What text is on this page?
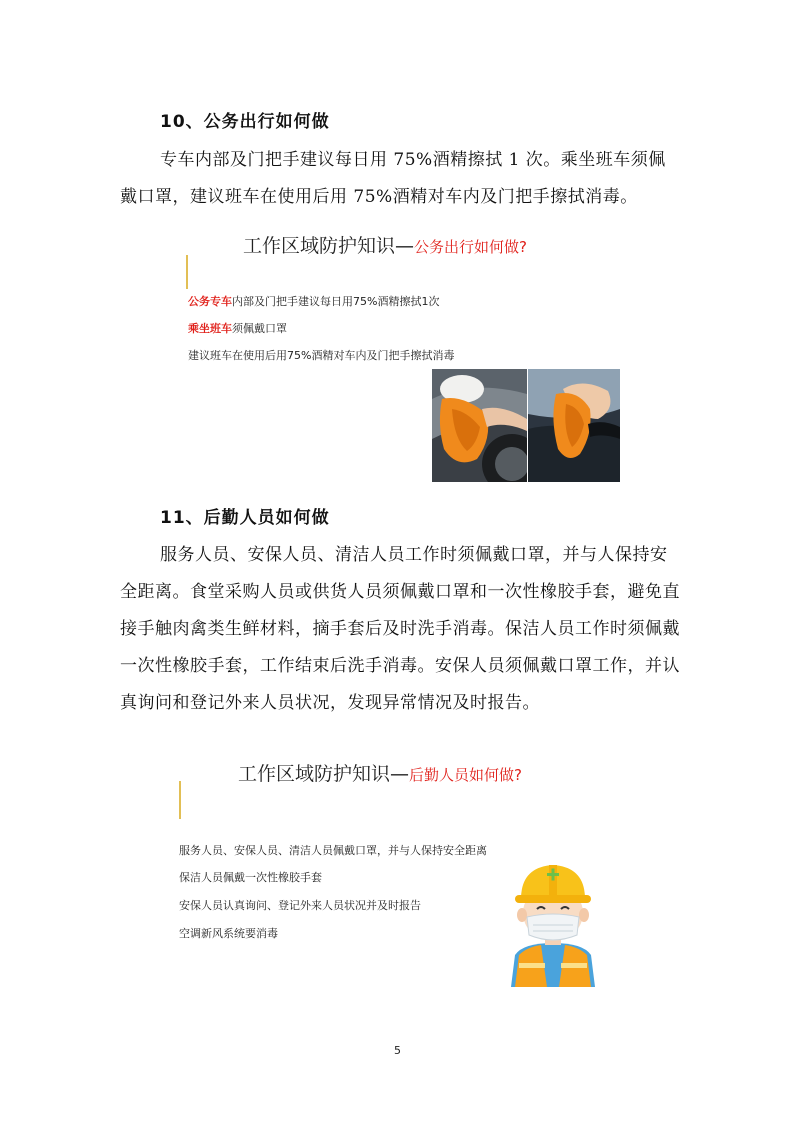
10、公务出行如何做

专车内部及门把手建议每日用 75%酒精擦拭 1 次。乘坐班车须佩戴口罩，建议班车在使用后用 75%酒精对车内及门把手擦拭消毒。

工作区域防护知识—公务出行如何做?
公务专车内部及门把手建议每日用75%酒精擦拭1次
乘坐班车须佩戴口罩
建议班车在使用后用75%酒精对车内及门把手擦拭消毒
11、后勤人员如何做

服务人员、安保人员、清洁人员工作时须佩戴口罩，并与人保持安全距离。食堂采购人员或供货人员须佩戴口罩和一次性橡胶手套，避免直接手触肉禽类生鲜材料，摘手套后及时洗手消毒。保洁人员工作时须佩戴一次性橡胶手套，工作结束后洗手消毒。安保人员须佩戴口罩工作，并认真询问和登记外来人员状况，发现异常情况及时报告。

工作区域防护知识—后勤人员如何做?
服务人员、安保人员、清洁人员佩戴口罩，并与人保持安全距离
保洁人员佩戴一次性橡胶手套
安保人员认真询问、登记外来人员状况并及时报告
空调新风系统要消毒
5
